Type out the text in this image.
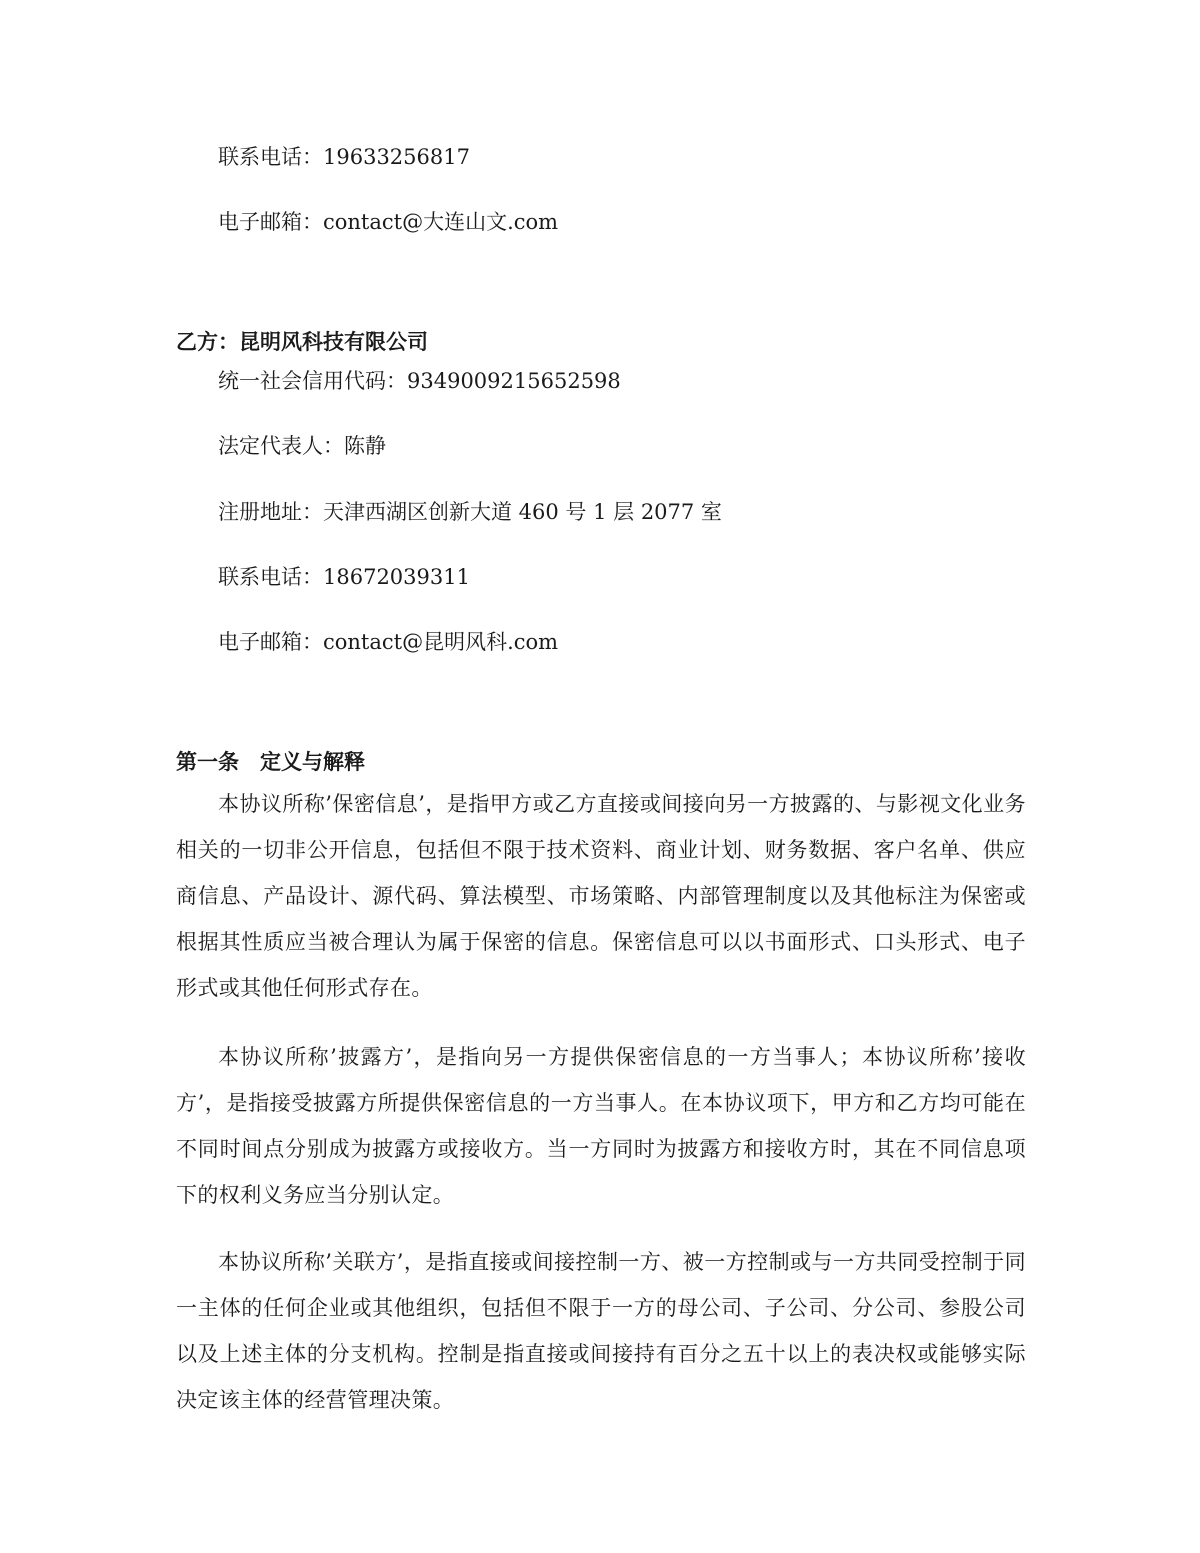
联系电话：19633256817
电子邮箱：contact@大连山文.com
乙方：昆明风科技有限公司
统一社会信用代码：9349009215652598
法定代表人：陈静
注册地址：天津西湖区创新大道 460 号 1 层 2077 室
联系电话：18672039311
电子邮箱：contact@昆明风科.com
第一条　定义与解释
本协议所称’保密信息’，是指甲方或乙方直接或间接向另一方披露的、与影视文化业务相关的一切非公开信息，包括但不限于技术资料、商业计划、财务数据、客户名单、供应商信息、产品设计、源代码、算法模型、市场策略、内部管理制度以及其他标注为保密或根据其性质应当被合理认为属于保密的信息。保密信息可以以书面形式、口头形式、电子形式或其他任何形式存在。
本协议所称’披露方’，是指向另一方提供保密信息的一方当事人；本协议所称’接收方’，是指接受披露方所提供保密信息的一方当事人。在本协议项下，甲方和乙方均可能在不同时间点分别成为披露方或接收方。当一方同时为披露方和接收方时，其在不同信息项下的权利义务应当分别认定。
本协议所称’关联方’，是指直接或间接控制一方、被一方控制或与一方共同受控制于同一主体的任何企业或其他组织，包括但不限于一方的母公司、子公司、分公司、参股公司以及上述主体的分支机构。控制是指直接或间接持有百分之五十以上的表决权或能够实际决定该主体的经营管理决策。
